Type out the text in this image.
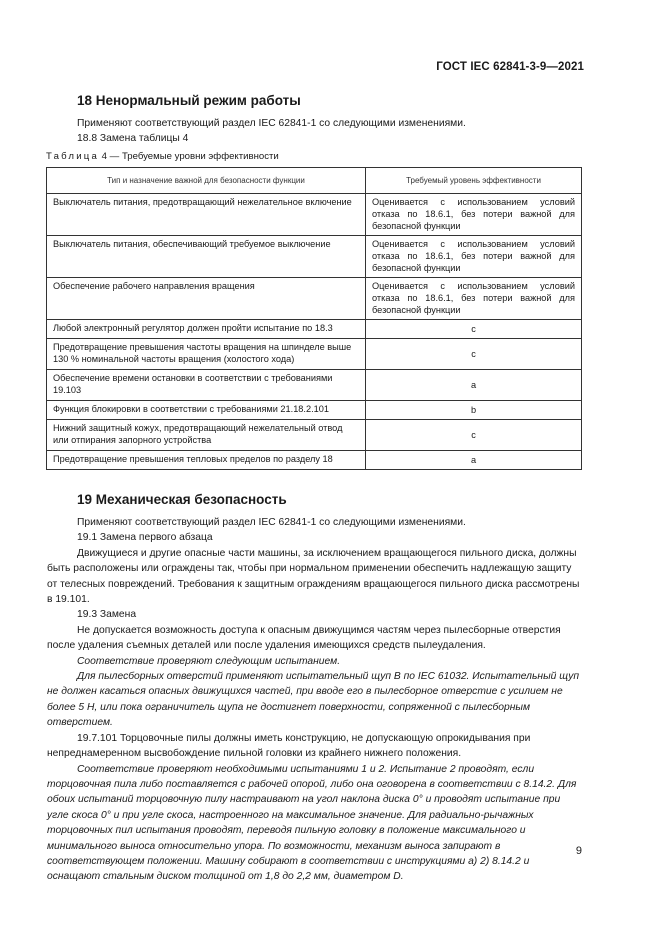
ГОСТ IEC 62841-3-9—2021
18 Ненормальный режим работы

Применяют соответствующий раздел IEC 62841-1 со следующими изменениями.

18.8 Замена таблицы 4

Таблица 4 — Требуемые уровни эффективности
Тип и назначение важной для безопасности функции	Требуемый уровень эффективности
Выключатель питания, предотвращающий нежелательное включение	Оценивается с использованием условий отказа по 18.6.1, без потери важной для безопасной функции
Выключатель питания, обеспечивающий требуемое выключение	Оценивается с использованием условий отказа по 18.6.1, без потери важной для безопасной функции
Обеспечение рабочего направления вращения	Оценивается с использованием условий отказа по 18.6.1, без потери важной для безопасной функции
Любой электронный регулятор должен пройти испытание по 18.3	c
Предотвращение превышения частоты вращения на шпинделе выше 130 % номинальной частоты вращения (холостого хода)	c
Обеспечение времени остановки в соответствии с требованиями 19.103	a
Функция блокировки в соответствии с требованиями 21.18.2.101	b
Нижний защитный кожух, предотвращающий нежелательный отвод или отпирания запорного устройства	c
Предотвращение превышения тепловых пределов по разделу 18	a
19 Механическая безопасность

Применяют соответствующий раздел IEC 62841-1 со следующими изменениями.

19.1 Замена первого абзаца

Движущиеся и другие опасные части машины, за исключением вращающегося пильного диска, должны быть расположены или ограждены так, чтобы при нормальном применении обеспечить надлежащую защиту от телесных повреждений. Требования к защитным ограждениям вращающегося пильного диска рассмотрены в 19.101.

19.3 Замена

Не допускается возможность доступа к опасным движущимся частям через пылесборные отверстия после удаления съемных деталей или после удаления имеющихся средств пылеудаления.

Соответствие проверяют следующим испытанием.

Для пылесборных отверстий применяют испытательный щуп В по IEC 61032. Испытательный щуп не должен касаться опасных движущихся частей, при вводе его в пылесборное отверстие с усилием не более 5 Н, или пока ограничитель щупа не достигнет поверхности, сопряженной с пылесборным отверстием.

19.7.101 Торцовочные пилы должны иметь конструкцию, не допускающую опрокидывания при непреднамеренном высвобождение пильной головки из крайнего нижнего положения.

Соответствие проверяют необходимыми испытаниями 1 и 2. Испытание 2 проводят, если торцовочная пила либо поставляется с рабочей опорой, либо она оговорена в соответствии с 8.14.2. Для обоих испытаний торцовочную пилу настраивают на угол наклона диска 0° и проводят испытание при угле скоса 0° и при угле скоса, настроенного на максимальное значение. Для радиально-рычажных торцовочных пил испытания проводят, переводя пильную головку в положение максимального и минимального выноса относительно упора. По возможности, механизм выноса запирают в соответствующем положении. Машину собирают в соответствии с инструкциями а) 2) 8.14.2 и оснащают стальным диском толщиной от 1,8 до 2,2 мм, диаметром D.

9
